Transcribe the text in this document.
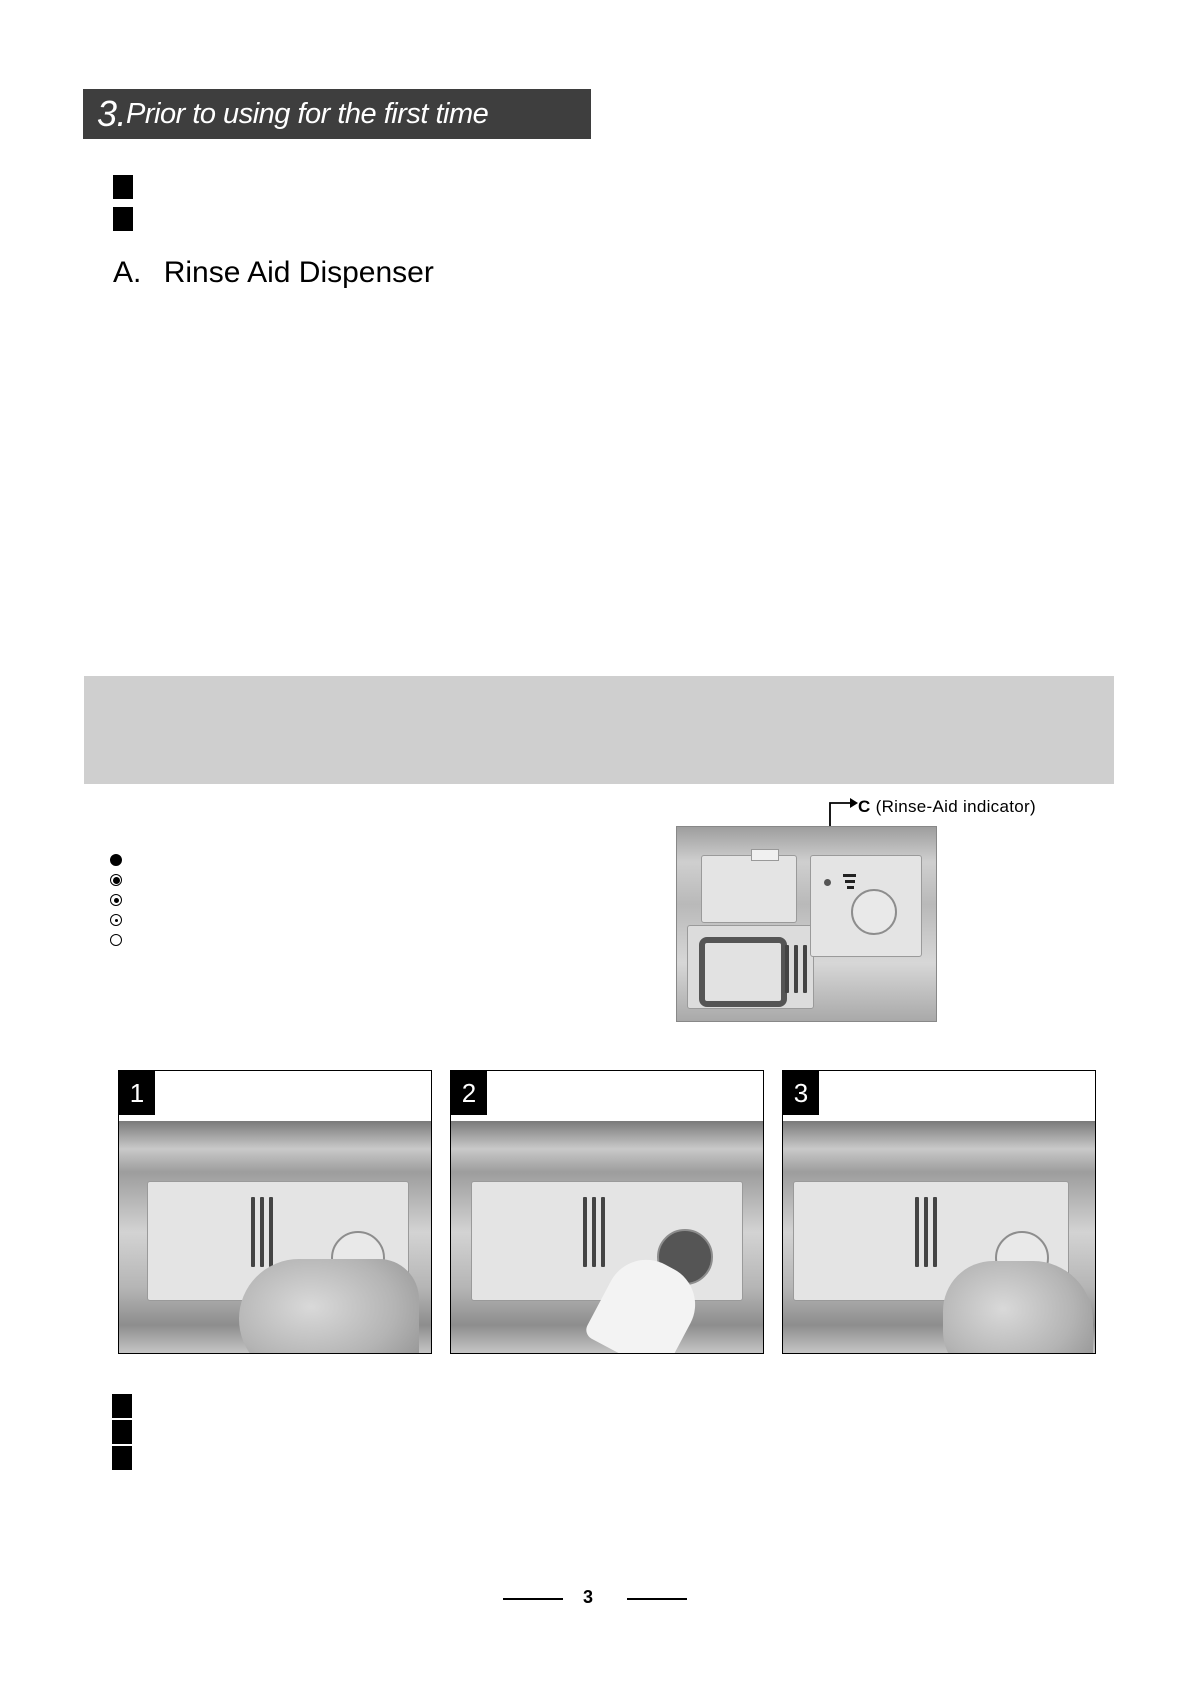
3. Prior to using for the first time
A. Rinse Aid Dispenser
C (Rinse-Aid indicator)
1	2	3
3
